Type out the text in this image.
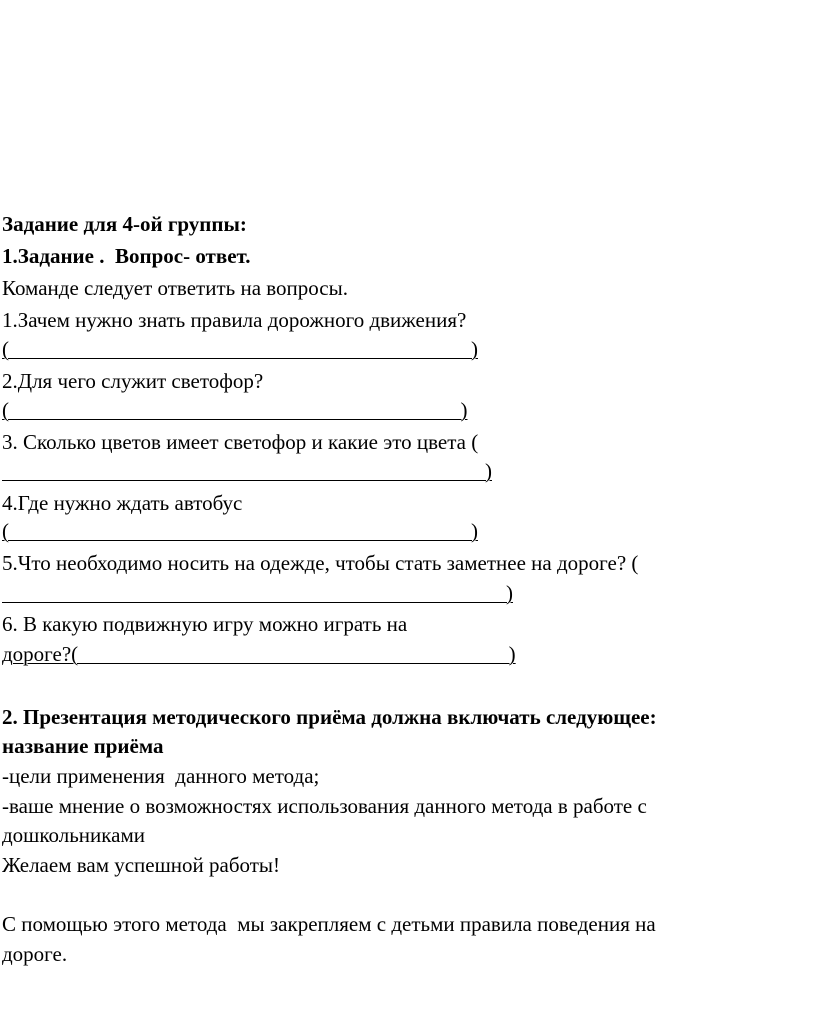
Задание для 4-ой группы:
1.Задание .  Вопрос- ответ.
Команде следует ответить на вопросы.
1.Зачем нужно знать правила дорожного движения?
(                                                                                        )
2.Для чего служит светофор?
(                                                                                      )
3. Сколько цветов имеет светофор и какие это цвета (
)
4.Где нужно ждать автобус
(                                                                                        )
5.Что необходимо носить на одежде, чтобы стать заметнее на дороге? (
)
6. В какую подвижную игру можно играть на
дороге?(                                                                                  )
2. Презентация методического приёма должна включать следующее:
название приёма
-цели применения  данного метода;
-ваше мнение о возможностях использования данного метода в работе с
дошкольниками
Желаем вам успешной работы!
С помощью этого метода  мы закрепляем с детьми правила поведения на
дороге.
